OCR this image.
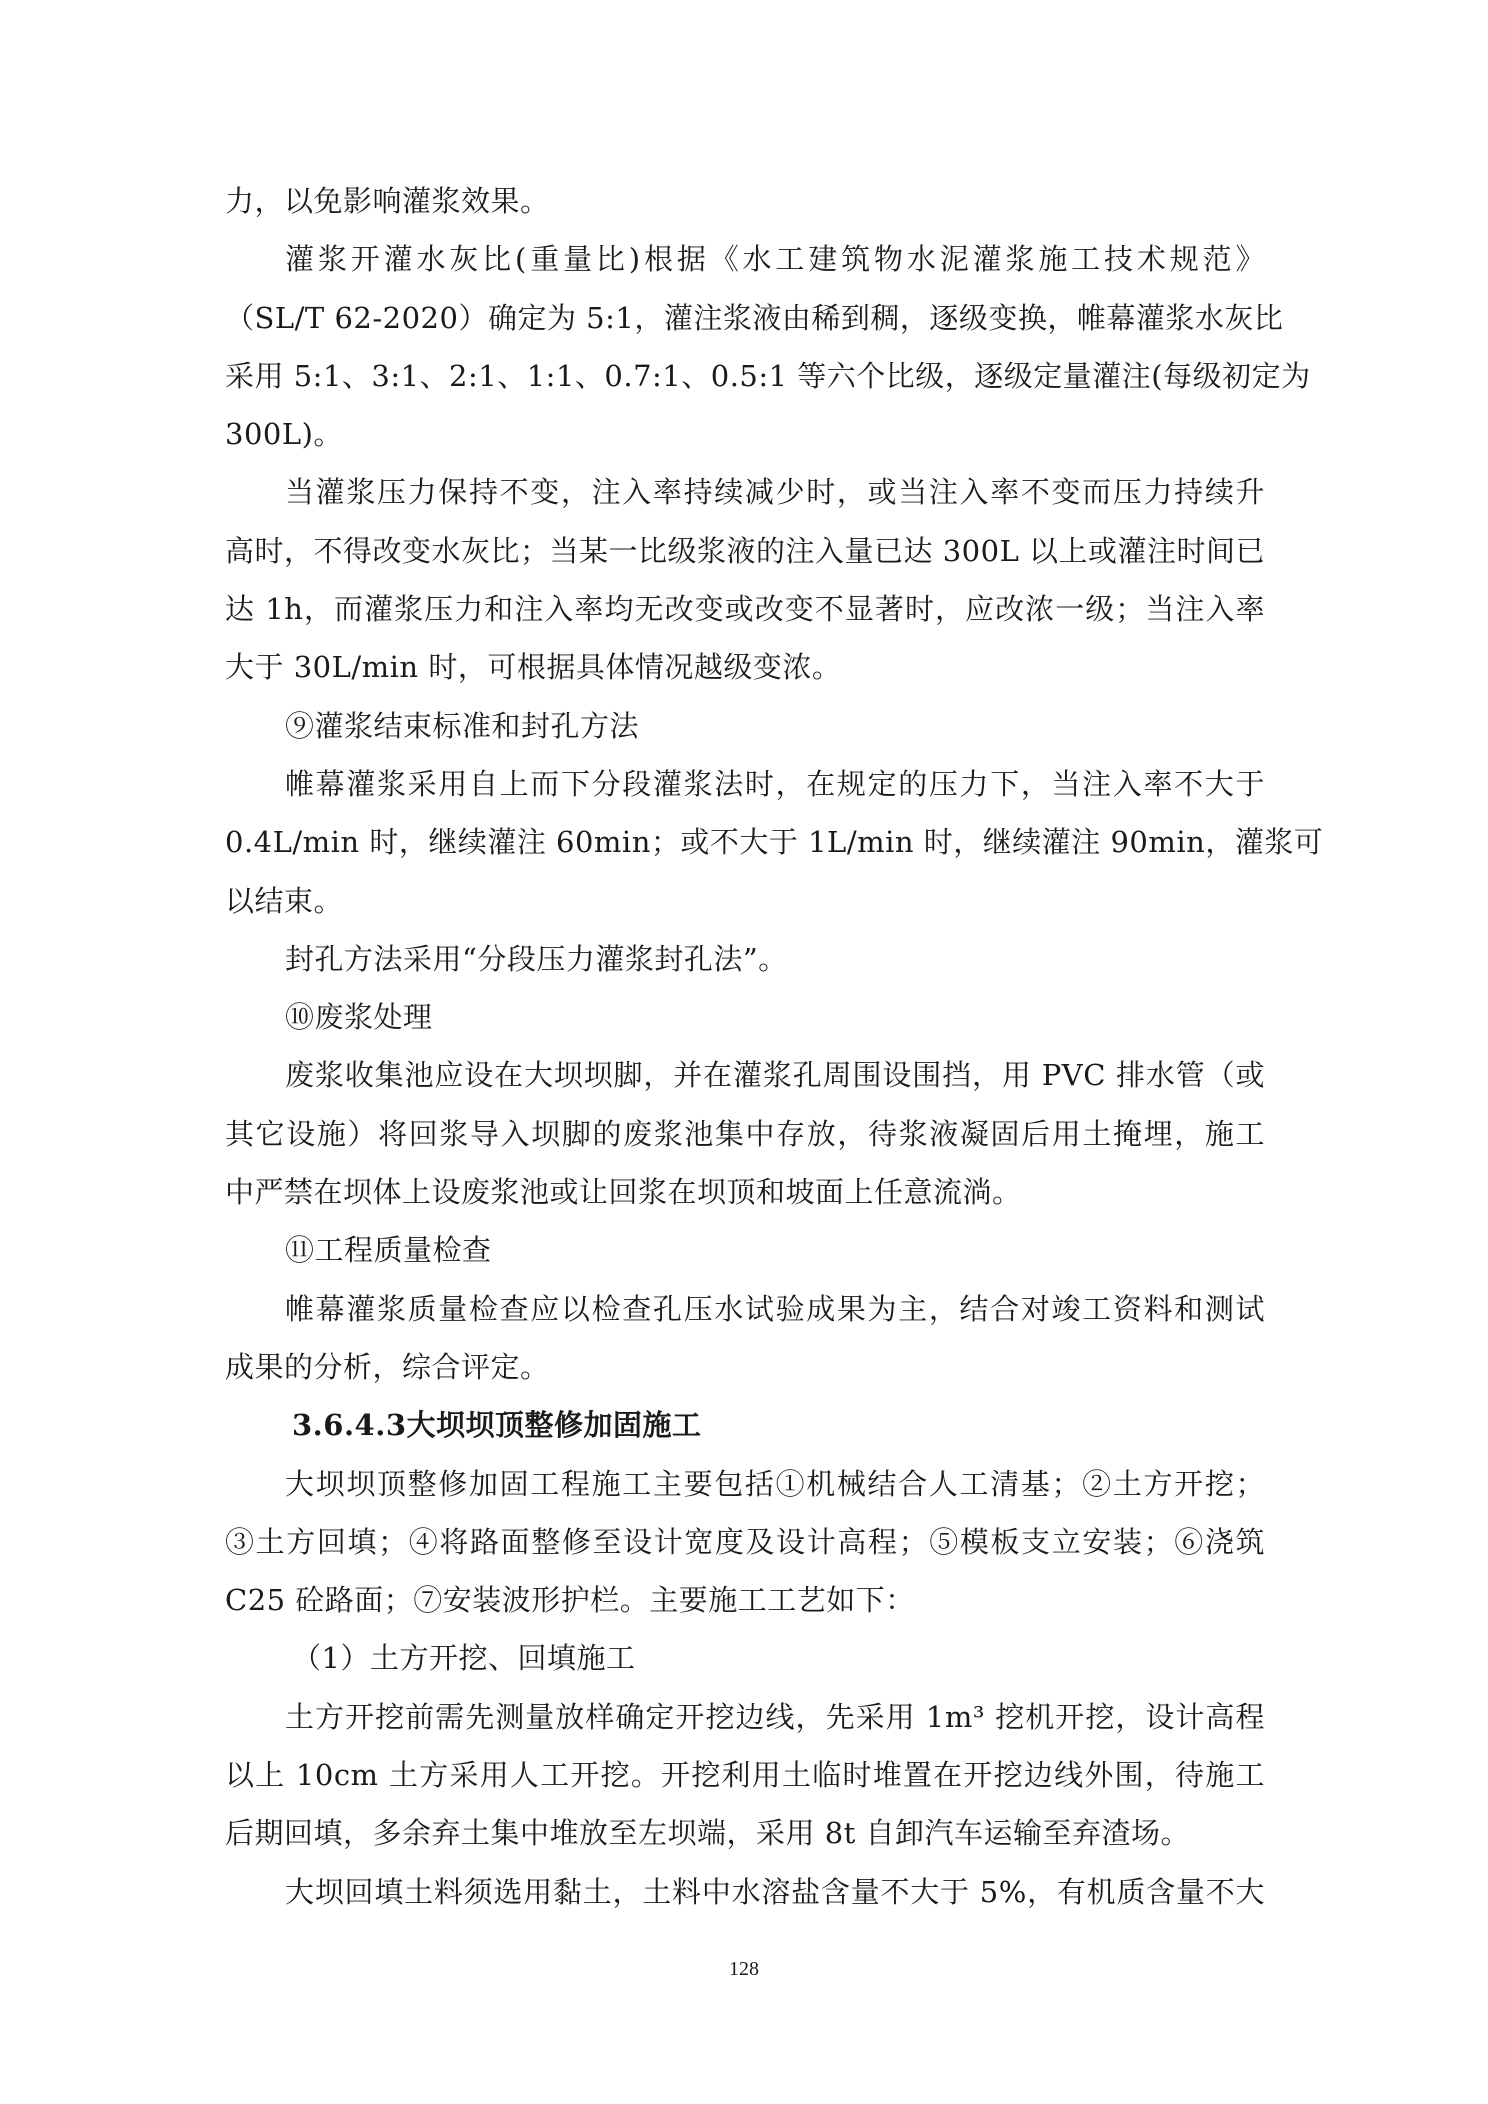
力，以免影响灌浆效果。
灌浆开灌水灰比(重量比)根据《水工建筑物水泥灌浆施工技术规范》
（SL/T 62-2020）确定为 5:1，灌注浆液由稀到稠，逐级变换，帷幕灌浆水灰比
采用 5:1、3:1、2:1、1:1、0.7:1、0.5:1 等六个比级，逐级定量灌注(每级初定为
300L)。
当灌浆压力保持不变，注入率持续减少时，或当注入率不变而压力持续升
高时，不得改变水灰比；当某一比级浆液的注入量已达 300L 以上或灌注时间已
达 1h，而灌浆压力和注入率均无改变或改变不显著时，应改浓一级；当注入率
大于 30L/min 时，可根据具体情况越级变浓。
⑨灌浆结束标准和封孔方法
帷幕灌浆采用自上而下分段灌浆法时，在规定的压力下，当注入率不大于
0.4L/min 时，继续灌注 60min；或不大于 1L/min 时，继续灌注 90min，灌浆可
以结束。
封孔方法采用“分段压力灌浆封孔法”。
⑩废浆处理
废浆收集池应设在大坝坝脚，并在灌浆孔周围设围挡，用 PVC 排水管（或
其它设施）将回浆导入坝脚的废浆池集中存放，待浆液凝固后用土掩埋，施工
中严禁在坝体上设废浆池或让回浆在坝顶和坡面上任意流淌。
⑪工程质量检查
帷幕灌浆质量检查应以检查孔压水试验成果为主，结合对竣工资料和测试
成果的分析，综合评定。
3.6.4.3大坝坝顶整修加固施工
大坝坝顶整修加固工程施工主要包括①机械结合人工清基；②土方开挖；
③土方回填；④将路面整修至设计宽度及设计高程；⑤模板支立安装；⑥浇筑
C25 砼路面；⑦安装波形护栏。主要施工工艺如下：
（1）土方开挖、回填施工
土方开挖前需先测量放样确定开挖边线，先采用 1m³ 挖机开挖，设计高程
以上 10cm 土方采用人工开挖。开挖利用土临时堆置在开挖边线外围，待施工
后期回填，多余弃土集中堆放至左坝端，采用 8t 自卸汽车运输至弃渣场。
大坝回填土料须选用黏土，土料中水溶盐含量不大于 5%，有机质含量不大
128
